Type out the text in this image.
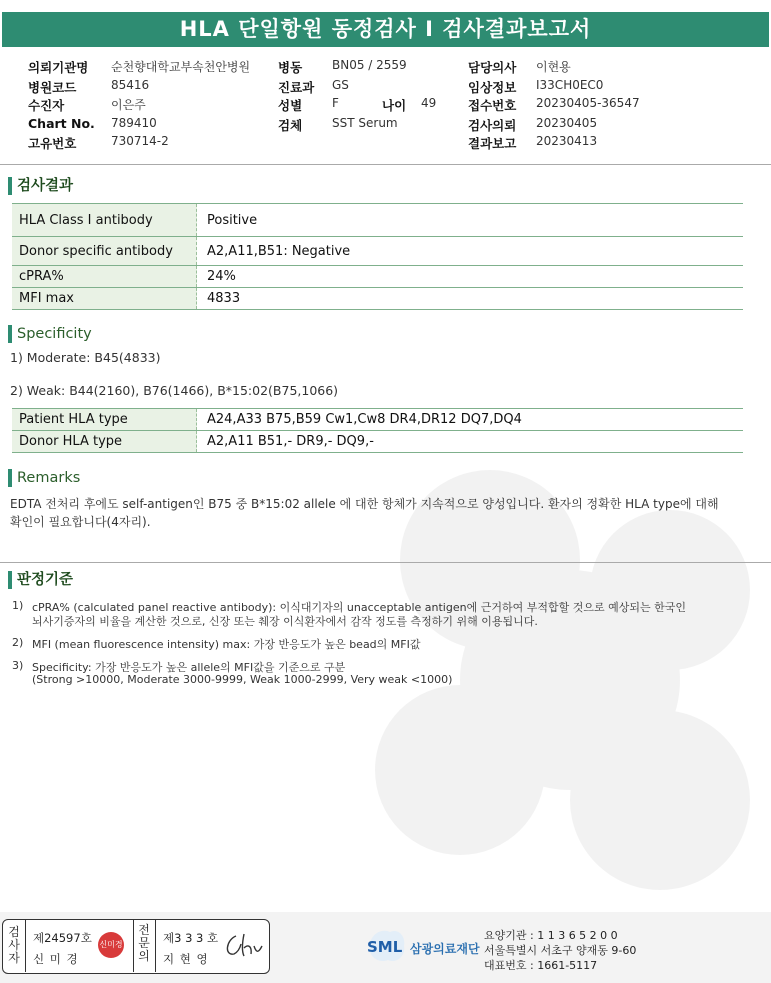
HLA 단일항원 동정검사 I 검사결과보고서
의뢰기관명 순천향대학교부속천안병원
병원코드	85416
수진자	이은주
Chart No. 789410
고유번호	730714-2
병동 BN05 / 2559
진료과 GS
성별 F	나이 49
검체 SST Serum
담당의사 이현용
임상정보 I33CH0EC0
접수번호 20230405-36547
검사의뢰 20230405
결과보고 20230413
검사결과
HLA Class I antibody	Positive
Donor specific antibody	A2,A11,B51: Negative
cPRA%	24%
MFI max	4833
Specificity
1) Moderate: B45(4833)
2) Weak: B44(2160), B76(1466), B*15:02(B75,1066)
Patient HLA type	A24,A33 B75,B59 Cw1,Cw8 DR4,DR12 DQ7,DQ4
Donor HLA type	A2,A11 B51,- DR9,- DQ9,-
Remarks
EDTA 전처리 후에도 self-antigen인 B75 중 B*15:02 allele 에 대한 항체가 지속적으로 양성입니다. 환자의 정확한 HLA type에 대해
확인이 필요합니다(4자리).
판정기준
1) cPRA% (calculated panel reactive antibody): 이식대기자의 unacceptable antigen에 근거하여 부적합할 것으로 예상되는 한국인
뇌사기증자의 비율을 계산한 것으로, 신장 또는 췌장 이식환자에서 감작 정도를 측정하기 위해 이용됩니다.
2) MFI (mean fluorescence intensity) max: 가장 반응도가 높은 bead의 MFI값
3) Specificity: 가장 반응도가 높은 allele의 MFI값을 기준으로 구분
(Strong >10000, Moderate 3000-9999, Weak 1000-2999, Very weak <1000)
검
사
자
제24597호
신 미 경
신미경
전
문
의
제3 3 3 호
지 현 영
SML 삼광의료재단
요양기관 : 1 1 3 6 5 2 0 0
서울특별시 서초구 양재동 9-60
대표번호 : 1661-5117
